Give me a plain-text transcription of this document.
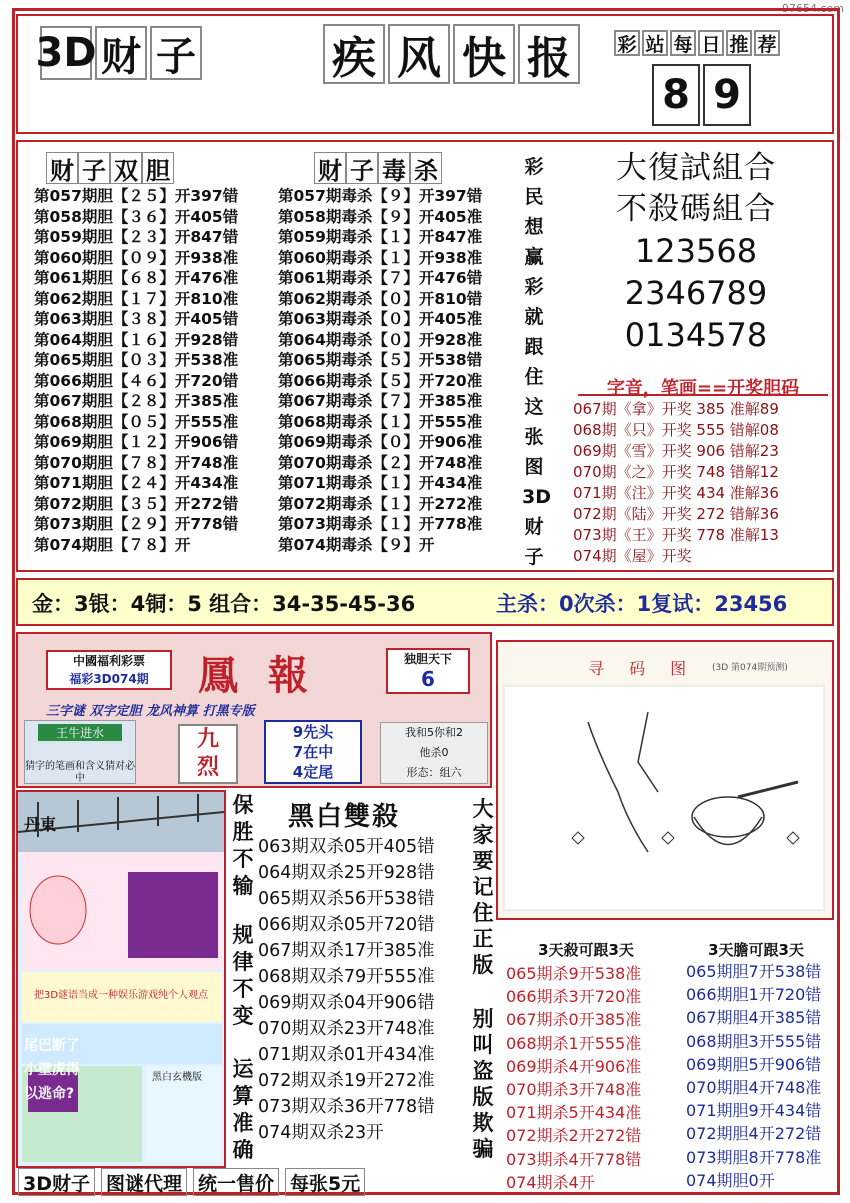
97654.com
3D 财 子	疾 风 快 报	彩 站 每 日 推 荐
8 9
财 子 双 胆	财 子 毒 杀
第057期胆【２５】开397错
第058期胆【３６】开405错
第059期胆【２３】开847错
第060期胆【０９】开938准
第061期胆【６８】开476准
第062期胆【１７】开810准
第063期胆【３８】开405错
第064期胆【１６】开928错
第065期胆【０３】开538准
第066期胆【４６】开720错
第067期胆【２８】开385准
第068期胆【０５】开555准
第069期胆【１２】开906错
第070期胆【７８】开748准
第071期胆【２４】开434准
第072期胆【３５】开272错
第073期胆【２９】开778错
第074期胆【７８】开
第057期毒杀【９】开397错
第058期毒杀【９】开405准
第059期毒杀【１】开847准
第060期毒杀【１】开938准
第061期毒杀【７】开476错
第062期毒杀【０】开810错
第063期毒杀【０】开405准
第064期毒杀【０】开928准
第065期毒杀【５】开538错
第066期毒杀【５】开720准
第067期毒杀【７】开385准
第068期毒杀【１】开555准
第069期毒杀【０】开906准
第070期毒杀【２】开748准
第071期毒杀【１】开434准
第072期毒杀【１】开272准
第073期毒杀【１】开778准
第074期毒杀【９】开
彩
民
想
赢
彩
就
跟
住
这
张
图
3D
财
子
大復試組合
不殺碼組合
123568
2346789
0134578
字音，笔画==开奖胆码
067期《拿》开奖 385 准解89
068期《只》开奖 555 错解08
069期《雪》开奖 906 错解23
070期《之》开奖 748 错解12
071期《注》开奖 434 准解36
072期《陆》开奖 272 错解36
073期《王》开奖 778 准解13
074期《屋》开奖
金：3银：4铜：5 组合：34-35-45-36	主杀：0次杀：1复试：23456
中國福利彩票
福彩3D074期	鳳 報	独胆天下
6
三字谜 双字定胆 龙风神算 打黑专版
王牛进水
猜字的笔画和含义猜对必中
九
烈
9先头
7在中
4定尾
我和5你和2
他杀0
形态：组六
寻 码 图 (3D 第074期预测)
丹東
把3D谜语当成一种娱乐游戏纯个人观点
尾巴断了小壁虎得以逃命?
黑白玄機版
保
胜
不
输
规
律
不
变
运
算
准
确
黑白雙殺
063期双杀05开405错
064期双杀25开928错
065期双杀56开538错
066期双杀05开720错
067期双杀17开385准
068期双杀79开555准
069期双杀04开906错
070期双杀23开748准
071期双杀01开434准
072期双杀19开272准
073期双杀36开778错
074期双杀23开
大
家
要
记
住
正
版
别
叫
盗
版
欺
骗
3天殺可跟3天
065期杀9开538准
066期杀3开720准
067期杀0开385准
068期杀1开555准
069期杀4开906准
070期杀3开748准
071期杀5开434准
072期杀2开272错
073期杀4开778错
074期杀4开
3天膽可跟3天
065期胆7开538错
066期胆1开720错
067期胆4开385错
068期胆3开555错
069期胆5开906错
070期胆4开748准
071期胆9开434错
072期胆4开272错
073期胆8开778准
074期胆0开
3D财子 图谜代理 统一售价 每张5元
